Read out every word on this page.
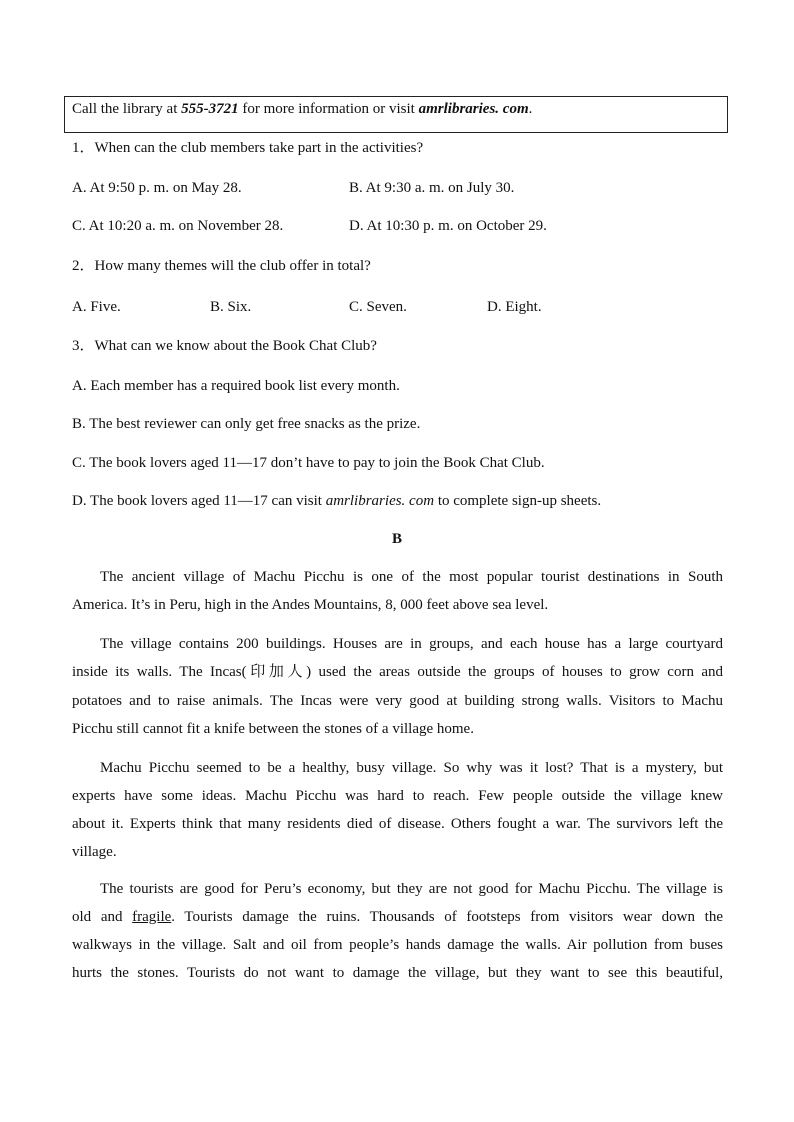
Call the library at 555-3721 for more information or visit amrlibraries. com.
1．When can the club members take part in the activities?
A. At 9:50 p. m. on May 28.	B. At 9:30 a. m. on July 30.
C. At 10:20 a. m. on November 28.	D. At 10:30 p. m. on October 29.
2．How many themes will the club offer in total?
A. Five.	B. Six.	C. Seven.	D. Eight.
3．What can we know about the Book Chat Club?
A. Each member has a required book list every month.
B. The best reviewer can only get free snacks as the prize.
C. The book lovers aged 11—17 don’t have to pay to join the Book Chat Club.
D. The book lovers aged 11—17 can visit amrlibraries. com to complete sign-up sheets.
B
The ancient village of Machu Picchu is one of the most popular tourist destinations in South
America. It’s in Peru, high in the Andes Mountains, 8, 000 feet above sea level.
The village contains 200 buildings. Houses are in groups, and each house has a large courtyard
inside its walls. The Incas(印加人) used the areas outside the groups of houses to grow corn and
potatoes and to raise animals. The Incas were very good at building strong walls. Visitors to Machu
Picchu still cannot fit a knife between the stones of a village home.
Machu Picchu seemed to be a healthy, busy village. So why was it lost? That is a mystery, but
experts have some ideas. Machu Picchu was hard to reach. Few people outside the village knew
about it. Experts think that many residents died of disease. Others fought a war. The survivors left the
village.
The tourists are good for Peru’s economy, but they are not good for Machu Picchu. The village is
old and fragile. Tourists damage the ruins. Thousands of footsteps from visitors wear down the
walkways in the village. Salt and oil from people’s hands damage the walls. Air pollution from buses
hurts the stones. Tourists do not want to damage the village, but they want to see this beautiful,
